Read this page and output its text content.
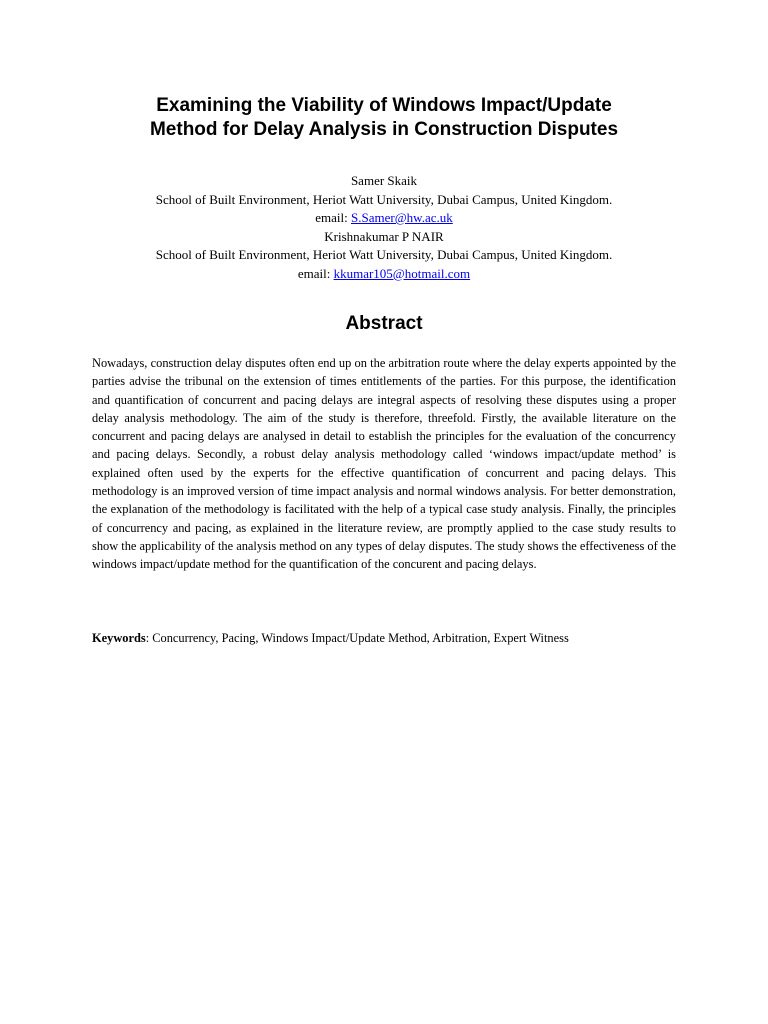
Examining the Viability of Windows Impact/Update
Method for Delay Analysis in Construction Disputes
Samer Skaik
School of Built Environment, Heriot Watt University, Dubai Campus, United Kingdom.
email: S.Samer@hw.ac.uk
Krishnakumar P NAIR
School of Built Environment, Heriot Watt University, Dubai Campus, United Kingdom.
email: kkumar105@hotmail.com
Abstract

Nowadays, construction delay disputes often end up on the arbitration route where the delay experts appointed by the parties advise the tribunal on the extension of times entitlements of the parties. For this purpose, the identification and quantification of concurrent and pacing delays are integral aspects of resolving these disputes using a proper delay analysis methodology. The aim of the study is therefore, threefold. Firstly, the available literature on the concurrent and pacing delays are analysed in detail to establish the principles for the evaluation of the concurrency and pacing delays. Secondly, a robust delay analysis methodology called ‘windows impact/update method’ is explained often used by the experts for the effective quantification of concurrent and pacing delays. This methodology is an improved version of time impact analysis and normal windows analysis. For better demonstration, the explanation of the methodology is facilitated with the help of a typical case study analysis. Finally, the principles of concurrency and pacing, as explained in the literature review, are promptly applied to the case study results to show the applicability of the analysis method on any types of delay disputes. The study shows the effectiveness of the windows impact/update method for the quantification of the concurent and pacing delays.

Keywords: Concurrency, Pacing, Windows Impact/Update Method, Arbitration, Expert Witness
